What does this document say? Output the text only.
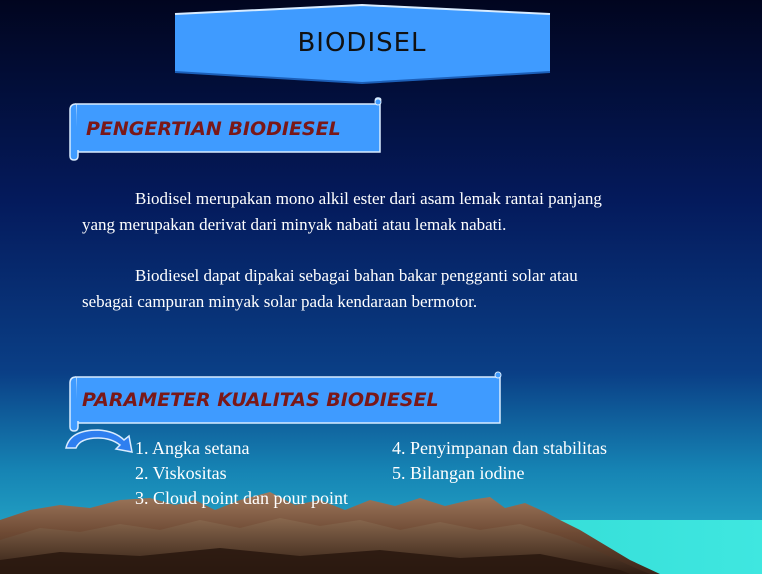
BIODISEL
PENGERTIAN BIODIESEL
Biodisel merupakan mono alkil ester dari asam lemak rantai panjang yang merupakan derivat dari minyak nabati atau lemak nabati.
Biodiesel dapat dipakai sebagai bahan bakar pengganti solar atau sebagai campuran minyak solar pada kendaraan bermotor.
PARAMETER KUALITAS BIODIESEL
1. Angka setana
2. Viskositas
3. Cloud point dan pour point
4. Penyimpanan dan stabilitas
5. Bilangan iodine
